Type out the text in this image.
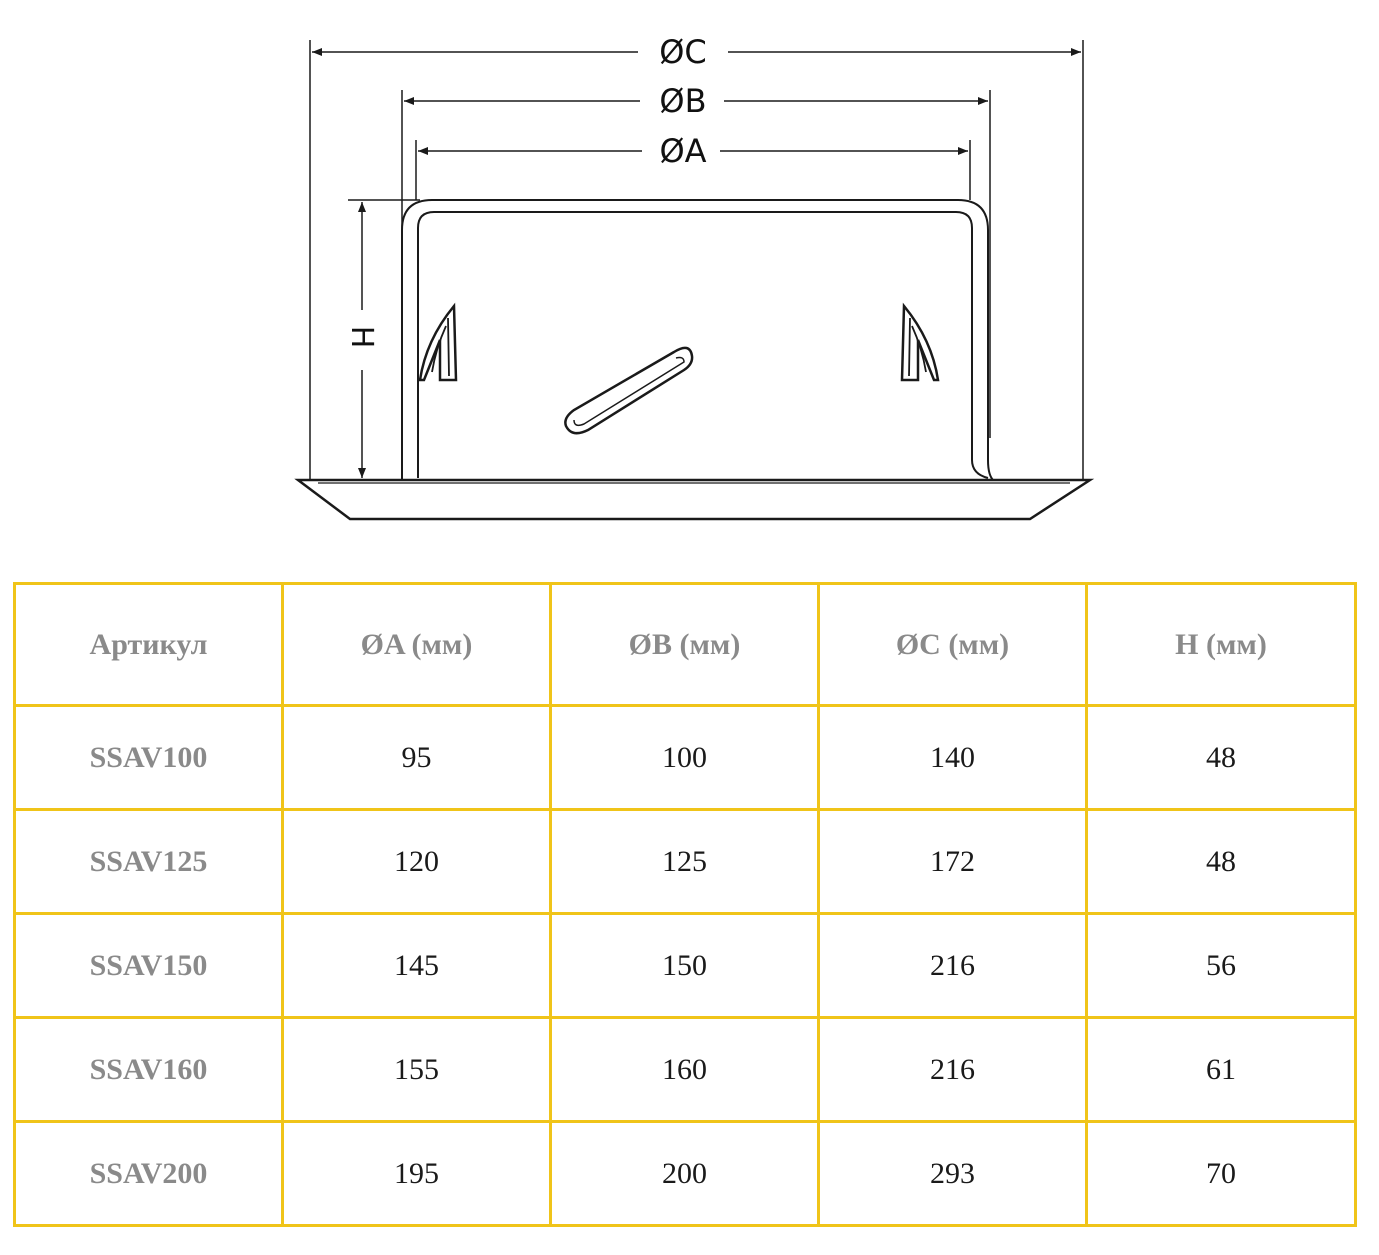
ØC
ØB
ØA
H
Артикул	ØA (мм)	ØB (мм)	ØC (мм)	H (мм)
SSAV100	95	100	140	48
SSAV125	120	125	172	48
SSAV150	145	150	216	56
SSAV160	155	160	216	61
SSAV200	195	200	293	70
